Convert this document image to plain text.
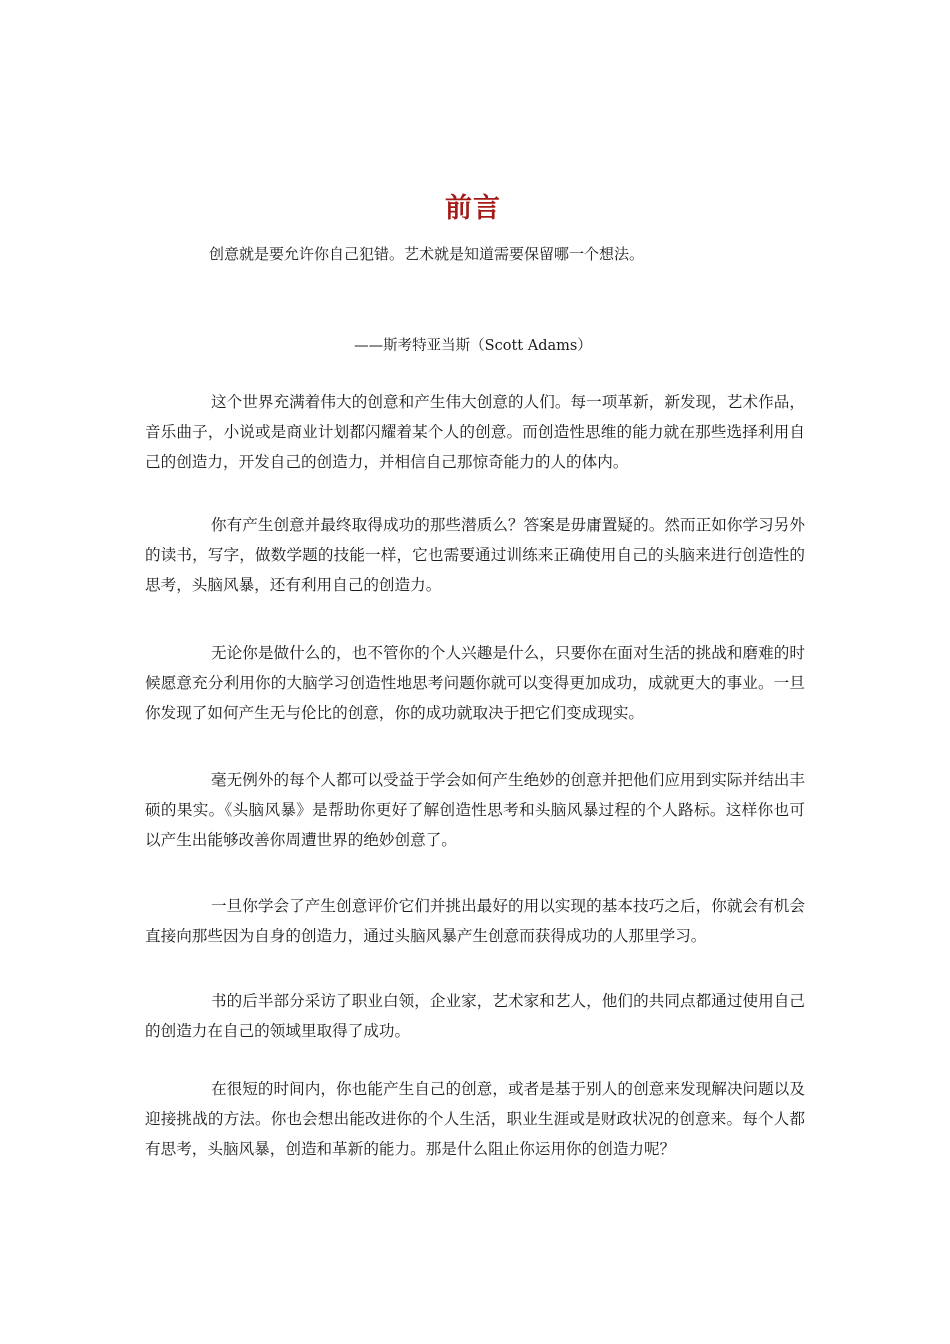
前言

创意就是要允许你自己犯错。艺术就是知道需要保留哪一个想法。

——斯考特亚当斯（Scott Adams）

这个世界充满着伟大的创意和产生伟大创意的人们。每一项革新，新发现，艺术作品，音乐曲子，小说或是商业计划都闪耀着某个人的创意。而创造性思维的能力就在那些选择利用自己的创造力，开发自己的创造力，并相信自己那惊奇能力的人的体内。

你有产生创意并最终取得成功的那些潜质么？答案是毋庸置疑的。然而正如你学习另外的读书，写字，做数学题的技能一样，它也需要通过训练来正确使用自己的头脑来进行创造性的思考，头脑风暴，还有利用自己的创造力。

无论你是做什么的，也不管你的个人兴趣是什么，只要你在面对生活的挑战和磨难的时候愿意充分利用你的大脑学习创造性地思考问题你就可以变得更加成功，成就更大的事业。一旦你发现了如何产生无与伦比的创意，你的成功就取决于把它们变成现实。

毫无例外的每个人都可以受益于学会如何产生绝妙的创意并把他们应用到实际并结出丰硕的果实。《头脑风暴》是帮助你更好了解创造性思考和头脑风暴过程的个人路标。这样你也可以产生出能够改善你周遭世界的绝妙创意了。

一旦你学会了产生创意评价它们并挑出最好的用以实现的基本技巧之后，你就会有机会直接向那些因为自身的创造力，通过头脑风暴产生创意而获得成功的人那里学习。

书的后半部分采访了职业白领，企业家，艺术家和艺人，他们的共同点都通过使用自己的创造力在自己的领域里取得了成功。

在很短的时间内，你也能产生自己的创意，或者是基于别人的创意来发现解决问题以及迎接挑战的方法。你也会想出能改进你的个人生活，职业生涯或是财政状况的创意来。每个人都有思考，头脑风暴，创造和革新的能力。那是什么阻止你运用你的创造力呢？
